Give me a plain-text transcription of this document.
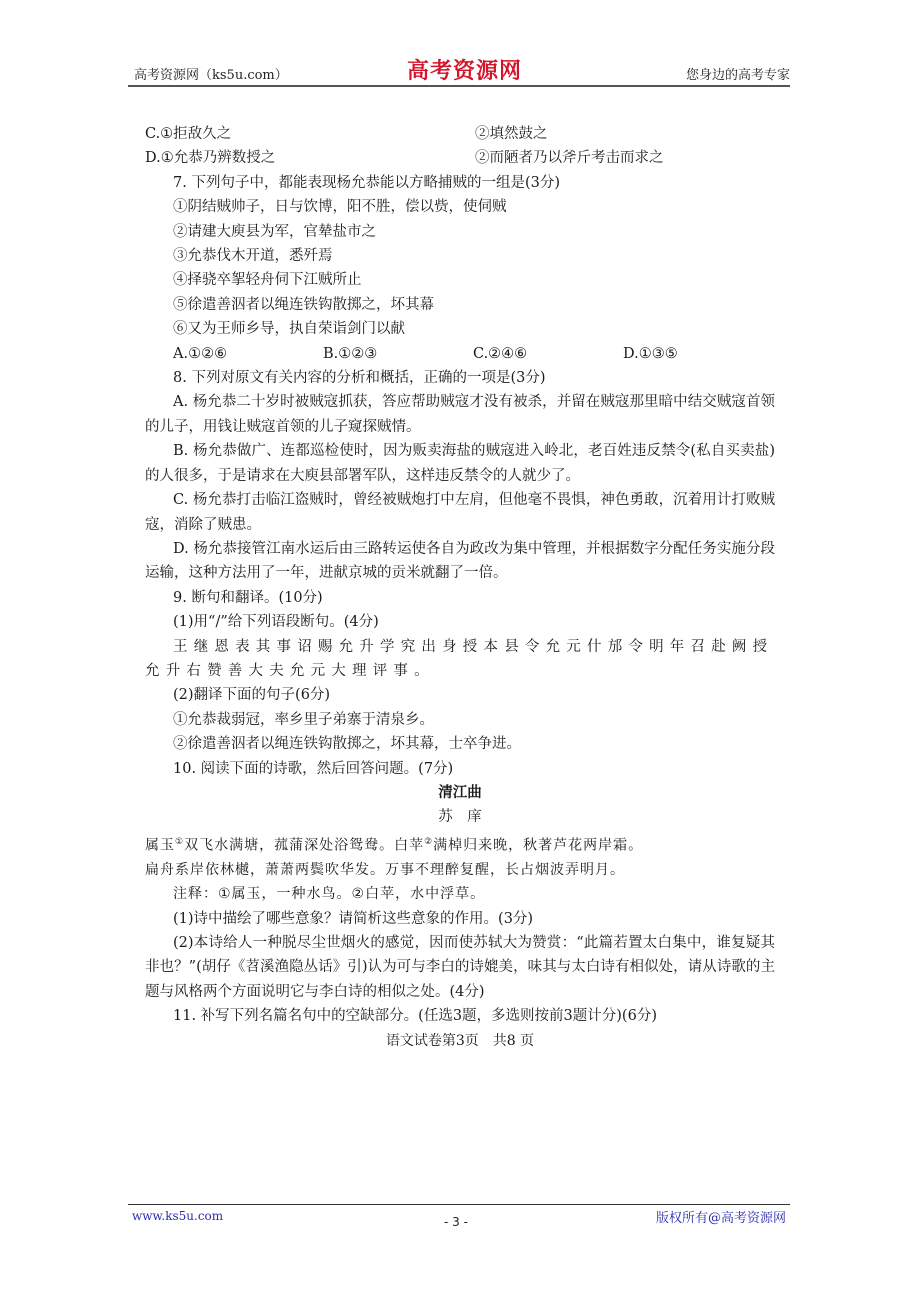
高考资源网（ks5u.com）	高考资源网	您身边的高考专家
C.①拒敌久之	②填然鼓之
D.①允恭乃辨数授之	②而陋者乃以斧斤考击而求之
7. 下列句子中，都能表现杨允恭能以方略捕贼的一组是(3分)
①阴结贼帅子，日与饮博，阳不胜，偿以赀，使伺贼
②请建大庾县为军，官辇盐市之
③允恭伐木开道，悉歼焉
④择骁卒挐轻舟伺下江贼所止
⑤徐遣善泅者以绳连铁钩散掷之，坏其幕
⑥又为王师乡导，执自荣诣剑门以献
A.①②⑥	B.①②③	C.②④⑥	D.①③⑤
8. 下列对原文有关内容的分析和概括，正确的一项是(3分)
A. 杨允恭二十岁时被贼寇抓获，答应帮助贼寇才没有被杀，并留在贼寇那里暗中结交贼寇首领的儿子，用钱让贼寇首领的儿子窥探贼情。
B. 杨允恭做广、连都巡检使时，因为贩卖海盐的贼寇进入岭北，老百姓违反禁令(私自买卖盐)的人很多，于是请求在大庾县部署军队，这样违反禁令的人就少了。
C. 杨允恭打击临江盗贼时，曾经被贼炮打中左肩，但他毫不畏惧，神色勇敢，沉着用计打败贼寇，消除了贼患。
D. 杨允恭接管江南水运后由三路转运使各自为政改为集中管理，并根据数字分配任务实施分段运输，这种方法用了一年，进献京城的贡米就翻了一倍。
9. 断句和翻译。(10分)
(1)用“/”给下列语段断句。(4分)
王继恩表其事诏赐允升学究出身授本县令允元什邡令明年召赴阙授
允升右赞善大夫允元大理评事。
(2)翻译下面的句子(6分)
①允恭裁弱冠，率乡里子弟寨于清泉乡。
②徐遣善泅者以绳连铁钩散掷之，坏其幕，士卒争进。
10. 阅读下面的诗歌，然后回答问题。(7分)
清江曲
苏　庠
属玉①双飞水满塘，菰蒲深处浴鸳鸯。白苹②满棹归来晚，秋著芦花两岸霜。
扁舟系岸依林樾，萧萧两鬓吹华发。万事不理醉复醒，长占烟波弄明月。
注释：①属玉，一种水鸟。②白苹，水中浮草。
(1)诗中描绘了哪些意象？请简析这些意象的作用。(3分)
(2)本诗给人一种脱尽尘世烟火的感觉，因而使苏轼大为赞赏：“此篇若置太白集中，谁复疑其非也？”(胡仔《苕溪渔隐丛话》引)认为可与李白的诗媲美，味其与太白诗有相似处，请从诗歌的主题与风格两个方面说明它与李白诗的相似之处。(4分)
11. 补写下列名篇名句中的空缺部分。(任选3题，多选则按前3题计分)(6分)
语文试卷第3页　共8 页
www.ks5u.com	- 3 -	版权所有@高考资源网
